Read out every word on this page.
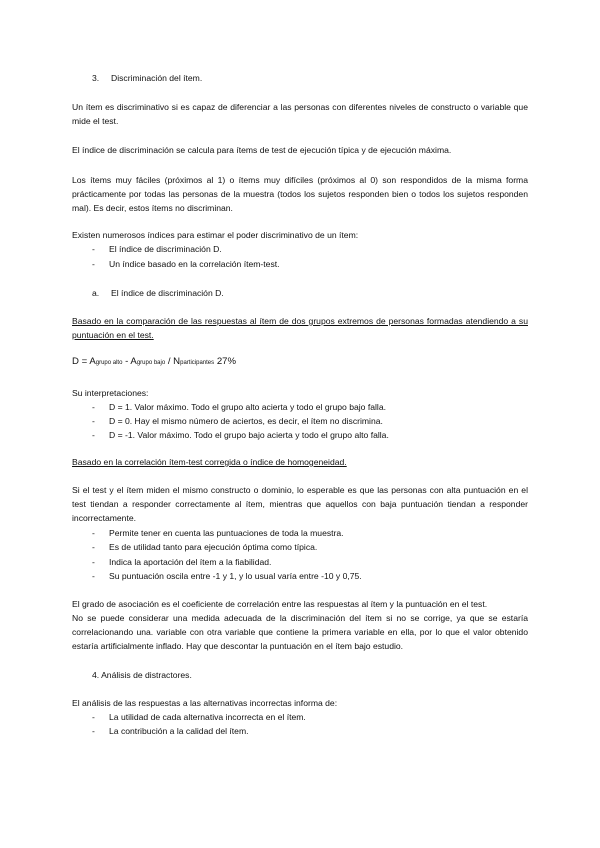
3. Discriminación del ítem.
Un ítem es discriminativo si es capaz de diferenciar a las personas con diferentes niveles de constructo o variable que mide el test.
El índice de discriminación se calcula para ítems de test de ejecución típica y de ejecución máxima.
Los ítems muy fáciles (próximos al 1) o ítems muy difíciles (próximos al 0) son respondidos de la misma forma prácticamente por todas las personas de la muestra (todos los sujetos responden bien o todos los sujetos responden mal). Es decir, estos ítems no discriminan.
Existen numerosos índices para estimar el poder discriminativo de un ítem:
- El índice de discriminación D.
- Un índice basado en la correlación ítem-test.
a. El índice de discriminación D.
Basado en la comparación de las respuestas al ítem de dos grupos extremos de personas formadas atendiendo a su puntuación en el test.
D = Agrupo alto - Agrupo bajo / Nparticipantes 27%
Su interpretaciones:
- D = 1. Valor máximo. Todo el grupo alto acierta y todo el grupo bajo falla.
- D = 0. Hay el mismo número de aciertos, es decir, el ítem no discrimina.
- D = -1. Valor máximo. Todo el grupo bajo acierta y todo el grupo alto falla.
Basado en la correlación ítem-test corregida o índice de homogeneidad.
Si el test y el ítem miden el mismo constructo o dominio, lo esperable es que las personas con alta puntuación en el test tiendan a responder correctamente al ítem, mientras que aquellos con baja puntuación tiendan a responder incorrectamente.
- Permite tener en cuenta las puntuaciones de toda la muestra.
- Es de utilidad tanto para ejecución óptima como típica.
- Indica la aportación del ítem a la fiabilidad.
- Su puntuación oscila entre -1 y 1, y lo usual varía entre -10 y 0,75.
El grado de asociación es el coeficiente de correlación entre las respuestas al ítem y la puntuación en el test.
No se puede considerar una medida adecuada de la discriminación del ítem si no se corrige, ya que se estaría correlacionando una. variable con otra variable que contiene la primera variable en ella, por lo que el valor obtenido estaría artificialmente inflado. Hay que descontar la puntuación en el ítem bajo estudio.
4. Análisis de distractores.
El análisis de las respuestas a las alternativas incorrectas informa de:
- La utilidad de cada alternativa incorrecta en el ítem.
- La contribución a la calidad del ítem.
